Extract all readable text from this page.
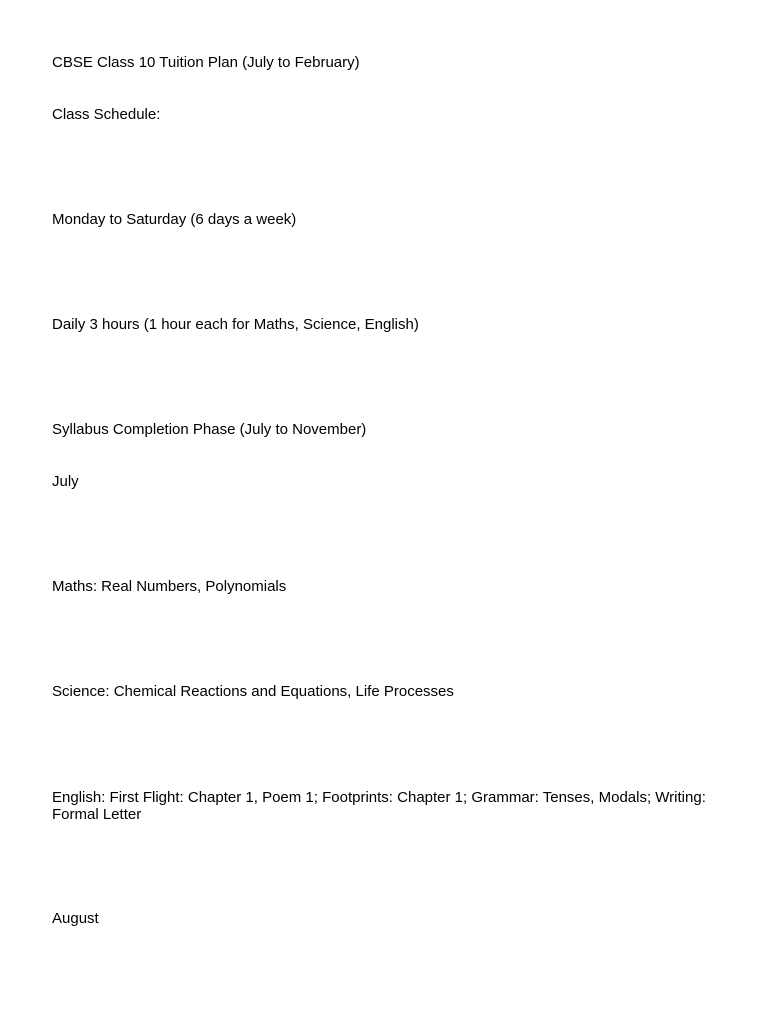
CBSE Class 10 Tuition Plan (July to February)

Class Schedule:

Monday to Saturday (6 days a week)

Daily 3 hours (1 hour each for Maths, Science, English)

Syllabus Completion Phase (July to November)

July

Maths: Real Numbers, Polynomials

Science: Chemical Reactions and Equations, Life Processes

English: First Flight: Chapter 1, Poem 1; Footprints: Chapter 1; Grammar: Tenses, Modals; Writing: Formal Letter

August
